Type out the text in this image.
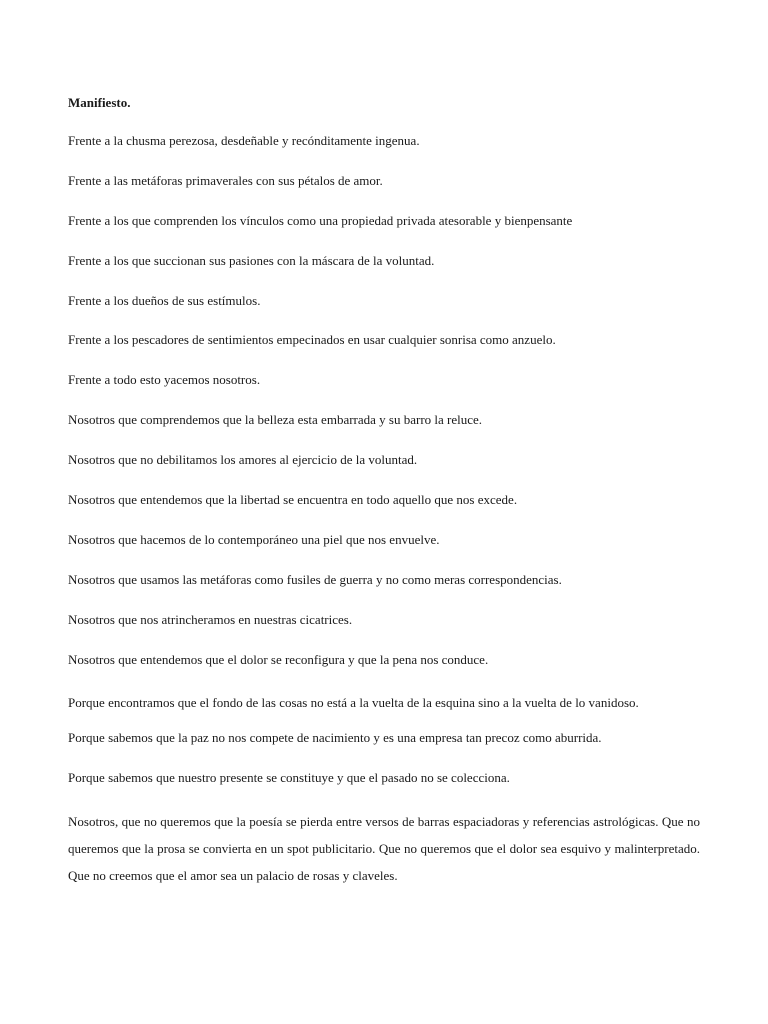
Manifiesto.

Frente a la chusma perezosa, desdeñable y recónditamente ingenua.

Frente a las metáforas primaverales con sus pétalos de amor.

Frente a los que comprenden los vínculos como una propiedad privada atesorable y bienpensante

Frente a los que succionan sus pasiones con la máscara de la voluntad.

Frente a los dueños de sus estímulos.

Frente a los pescadores de sentimientos empecinados en usar cualquier sonrisa como anzuelo.

Frente a todo esto yacemos nosotros.

Nosotros que comprendemos que la belleza esta embarrada y su barro la reluce.

Nosotros que no debilitamos los amores al ejercicio de la voluntad.

Nosotros que entendemos que la libertad se encuentra en todo aquello que nos excede.

Nosotros que hacemos de lo contemporáneo una piel que nos envuelve.

Nosotros que usamos las metáforas como fusiles de guerra y no como meras correspondencias.

Nosotros que nos atrincheramos en nuestras cicatrices.

Nosotros que entendemos que el dolor se reconfigura y que la pena nos conduce.

Porque encontramos que el fondo de las cosas no está a la vuelta de la esquina sino a la vuelta de lo vanidoso.

Porque sabemos que la paz no nos compete de nacimiento y es una empresa tan precoz como aburrida.

Porque sabemos que nuestro presente se constituye y que el pasado no se colecciona.

Nosotros, que no queremos que la poesía se pierda entre versos de barras espaciadoras y referencias astrológicas. Que no queremos que la prosa se convierta en un spot publicitario. Que no queremos que el dolor sea esquivo y malinterpretado. Que no creemos que el amor sea un palacio de rosas y claveles.
